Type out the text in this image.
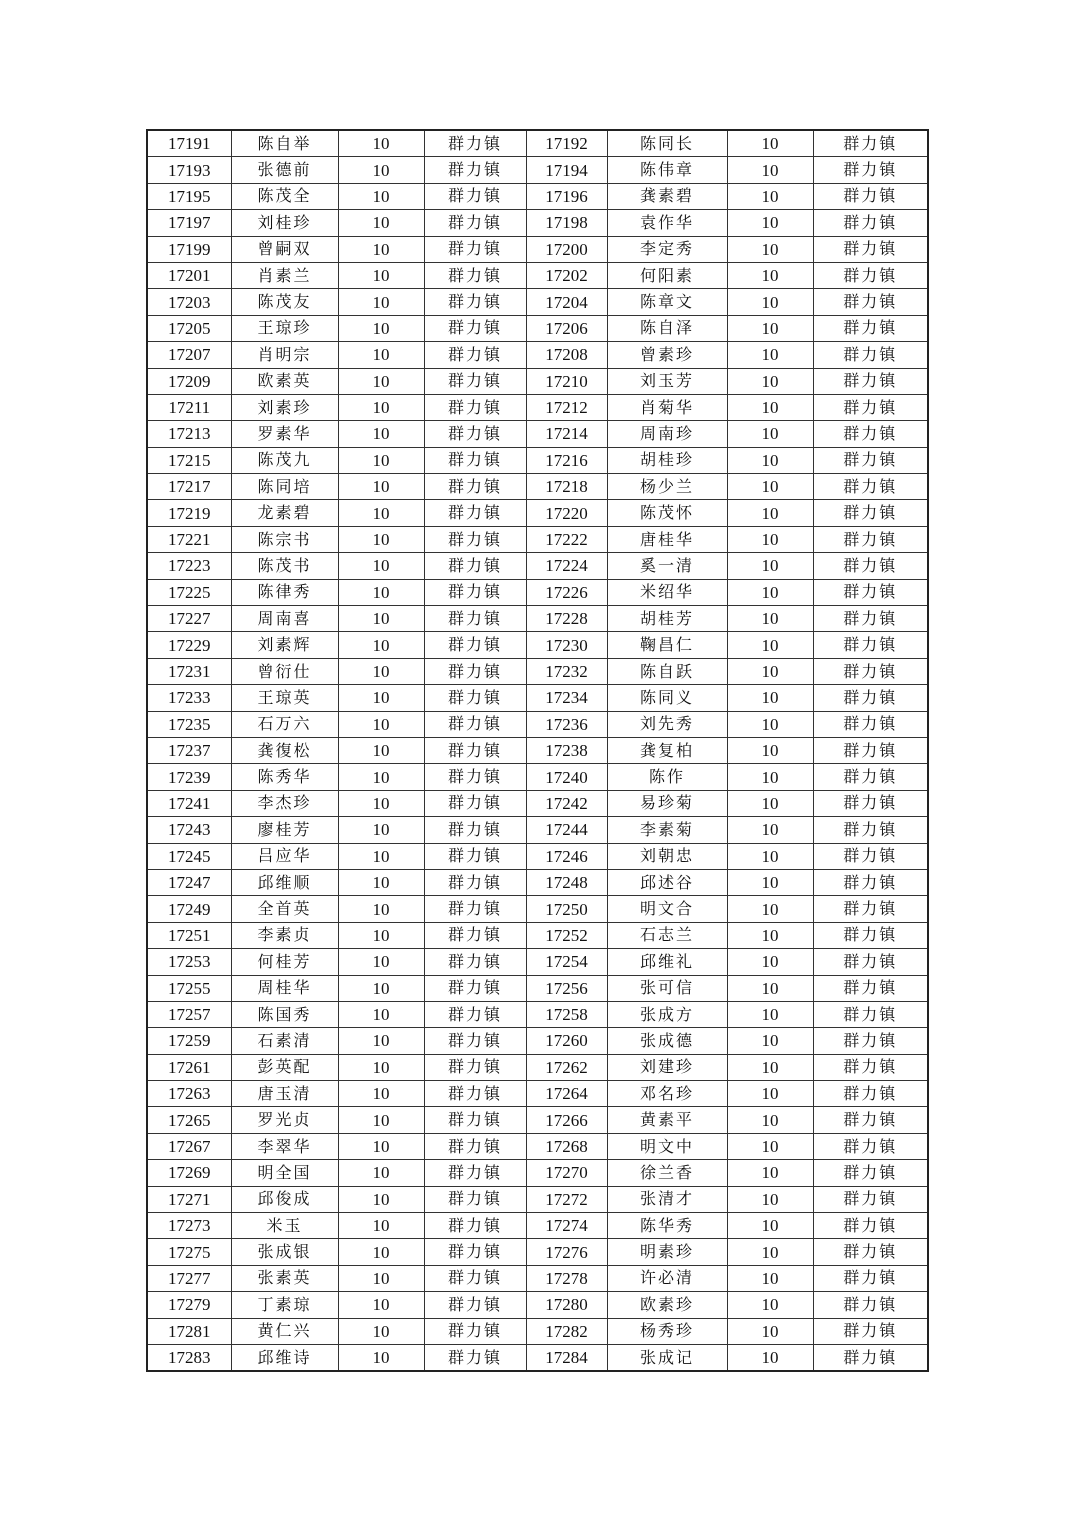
17191	陈自举	10	群力镇	17192	陈同长	10	群力镇
17193	张德前	10	群力镇	17194	陈伟章	10	群力镇
17195	陈茂全	10	群力镇	17196	龚素碧	10	群力镇
17197	刘桂珍	10	群力镇	17198	袁作华	10	群力镇
17199	曾嗣双	10	群力镇	17200	李定秀	10	群力镇
17201	肖素兰	10	群力镇	17202	何阳素	10	群力镇
17203	陈茂友	10	群力镇	17204	陈章文	10	群力镇
17205	王琼珍	10	群力镇	17206	陈自泽	10	群力镇
17207	肖明宗	10	群力镇	17208	曾素珍	10	群力镇
17209	欧素英	10	群力镇	17210	刘玉芳	10	群力镇
17211	刘素珍	10	群力镇	17212	肖菊华	10	群力镇
17213	罗素华	10	群力镇	17214	周南珍	10	群力镇
17215	陈茂九	10	群力镇	17216	胡桂珍	10	群力镇
17217	陈同培	10	群力镇	17218	杨少兰	10	群力镇
17219	龙素碧	10	群力镇	17220	陈茂怀	10	群力镇
17221	陈宗书	10	群力镇	17222	唐桂华	10	群力镇
17223	陈茂书	10	群力镇	17224	奚一清	10	群力镇
17225	陈律秀	10	群力镇	17226	米绍华	10	群力镇
17227	周南喜	10	群力镇	17228	胡桂芳	10	群力镇
17229	刘素辉	10	群力镇	17230	鞠昌仁	10	群力镇
17231	曾衍仕	10	群力镇	17232	陈自跃	10	群力镇
17233	王琼英	10	群力镇	17234	陈同义	10	群力镇
17235	石万六	10	群力镇	17236	刘先秀	10	群力镇
17237	龚復松	10	群力镇	17238	龚复柏	10	群力镇
17239	陈秀华	10	群力镇	17240	陈作	10	群力镇
17241	李杰珍	10	群力镇	17242	易珍菊	10	群力镇
17243	廖桂芳	10	群力镇	17244	李素菊	10	群力镇
17245	吕应华	10	群力镇	17246	刘朝忠	10	群力镇
17247	邱维顺	10	群力镇	17248	邱述谷	10	群力镇
17249	全首英	10	群力镇	17250	明文合	10	群力镇
17251	李素贞	10	群力镇	17252	石志兰	10	群力镇
17253	何桂芳	10	群力镇	17254	邱维礼	10	群力镇
17255	周桂华	10	群力镇	17256	张可信	10	群力镇
17257	陈国秀	10	群力镇	17258	张成方	10	群力镇
17259	石素清	10	群力镇	17260	张成德	10	群力镇
17261	彭英配	10	群力镇	17262	刘建珍	10	群力镇
17263	唐玉清	10	群力镇	17264	邓名珍	10	群力镇
17265	罗光贞	10	群力镇	17266	黄素平	10	群力镇
17267	李翠华	10	群力镇	17268	明文中	10	群力镇
17269	明全国	10	群力镇	17270	徐兰香	10	群力镇
17271	邱俊成	10	群力镇	17272	张清才	10	群力镇
17273	米玉	10	群力镇	17274	陈华秀	10	群力镇
17275	张成银	10	群力镇	17276	明素珍	10	群力镇
17277	张素英	10	群力镇	17278	许必清	10	群力镇
17279	丁素琼	10	群力镇	17280	欧素珍	10	群力镇
17281	黄仁兴	10	群力镇	17282	杨秀珍	10	群力镇
17283	邱维诗	10	群力镇	17284	张成记	10	群力镇
